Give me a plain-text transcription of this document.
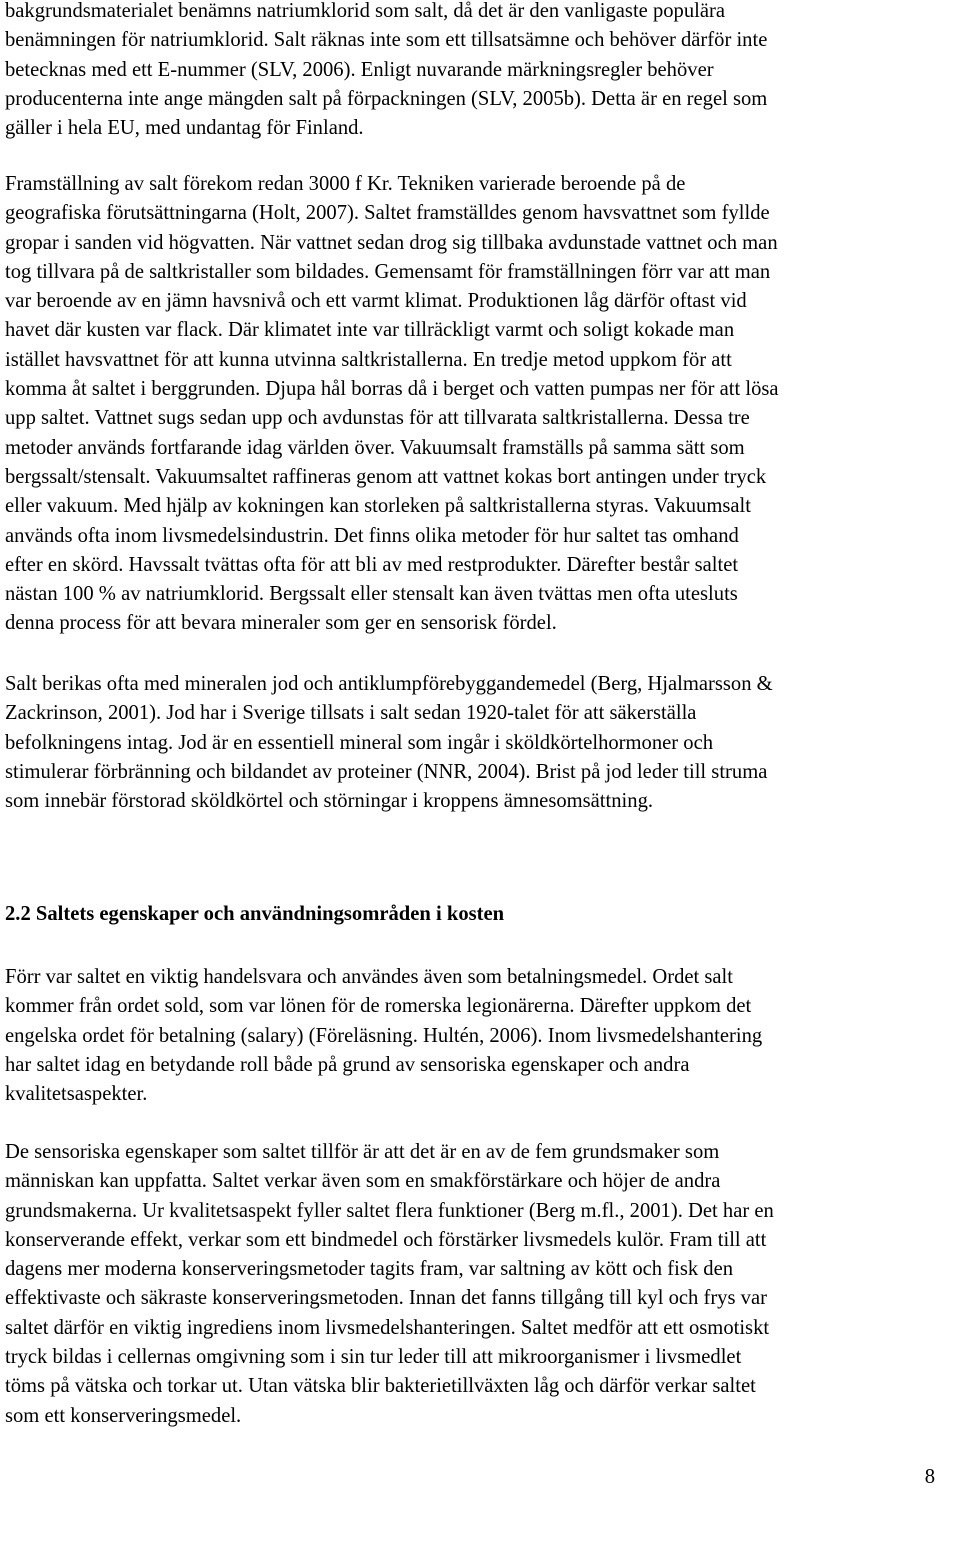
bakgrundsmaterialet benämns natriumklorid som salt, då det är den vanligaste populära
benämningen för natriumklorid. Salt räknas inte som ett tillsatsämne och behöver därför inte
betecknas med ett E-nummer (SLV, 2006). Enligt nuvarande märkningsregler behöver
producenterna inte ange mängden salt på förpackningen (SLV, 2005b). Detta är en regel som
gäller i hela EU, med undantag för Finland.

Framställning av salt förekom redan 3000 f Kr. Tekniken varierade beroende på de
geografiska förutsättningarna (Holt, 2007). Saltet framställdes genom havsvattnet som fyllde
gropar i sanden vid högvatten. När vattnet sedan drog sig tillbaka avdunstade vattnet och man
tog tillvara på de saltkristaller som bildades. Gemensamt för framställningen förr var att man
var beroende av en jämn havsnivå och ett varmt klimat. Produktionen låg därför oftast vid
havet där kusten var flack. Där klimatet inte var tillräckligt varmt och soligt kokade man
istället havsvattnet för att kunna utvinna saltkristallerna. En tredje metod uppkom för att
komma åt saltet i berggrunden. Djupa hål borras då i berget och vatten pumpas ner för att lösa
upp saltet. Vattnet sugs sedan upp och avdunstas för att tillvarata saltkristallerna. Dessa tre
metoder används fortfarande idag världen över. Vakuumsalt framställs på samma sätt som
bergssalt/stensalt. Vakuumsaltet raffineras genom att vattnet kokas bort antingen under tryck
eller vakuum. Med hjälp av kokningen kan storleken på saltkristallerna styras. Vakuumsalt
används ofta inom livsmedelsindustrin. Det finns olika metoder för hur saltet tas omhand
efter en skörd. Havssalt tvättas ofta för att bli av med restprodukter. Därefter består saltet
nästan 100 % av natriumklorid. Bergssalt eller stensalt kan även tvättas men ofta utesluts
denna process för att bevara mineraler som ger en sensorisk fördel.

Salt berikas ofta med mineralen jod och antiklumpförebyggandemedel (Berg, Hjalmarsson &
Zackrinson, 2001). Jod har i Sverige tillsats i salt sedan 1920-talet för att säkerställa
befolkningens intag. Jod är en essentiell mineral som ingår i sköldkörtelhormoner och
stimulerar förbränning och bildandet av proteiner (NNR, 2004). Brist på jod leder till struma
som innebär förstorad sköldkörtel och störningar i kroppens ämnesomsättning.

2.2 Saltets egenskaper och användningsområden i kosten

Förr var saltet en viktig handelsvara och användes även som betalningsmedel. Ordet salt
kommer från ordet sold, som var lönen för de romerska legionärerna. Därefter uppkom det
engelska ordet för betalning (salary) (Föreläsning. Hultén, 2006). Inom livsmedelshantering
har saltet idag en betydande roll både på grund av sensoriska egenskaper och andra
kvalitetsaspekter.

De sensoriska egenskaper som saltet tillför är att det är en av de fem grundsmaker som
människan kan uppfatta. Saltet verkar även som en smakförstärkare och höjer de andra
grundsmakerna. Ur kvalitetsaspekt fyller saltet flera funktioner (Berg m.fl., 2001). Det har en
konserverande effekt, verkar som ett bindmedel och förstärker livsmedels kulör. Fram till att
dagens mer moderna konserveringsmetoder tagits fram, var saltning av kött och fisk den
effektivaste och säkraste konserveringsmetoden. Innan det fanns tillgång till kyl och frys var
saltet därför en viktig ingrediens inom livsmedelshanteringen. Saltet medför att ett osmotiskt
tryck bildas i cellernas omgivning som i sin tur leder till att mikroorganismer i livsmedlet
töms på vätska och torkar ut. Utan vätska blir bakterietillväxten låg och därför verkar saltet
som ett konserveringsmedel.

8
